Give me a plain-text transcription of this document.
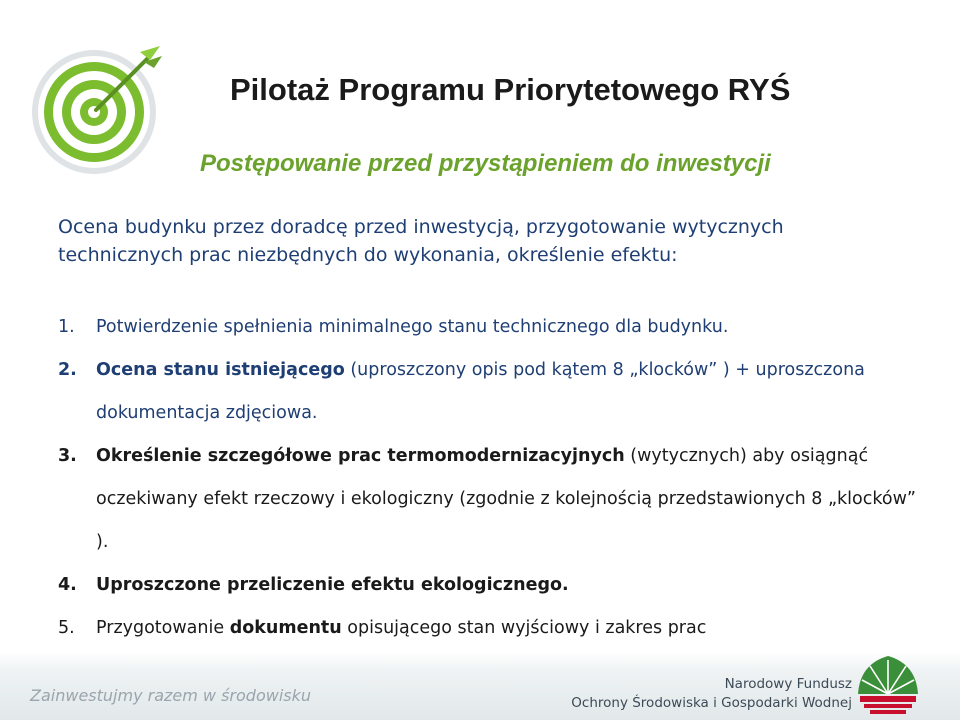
Pilotaż Programu Priorytetowego RYŚ
Postępowanie przed przystąpieniem do inwestycji

Ocena budynku przez doradcę przed inwestycją, przygotowanie wytycznych technicznych prac niezbędnych do wykonania, określenie efektu:

1. Potwierdzenie spełnienia minimalnego stanu technicznego dla budynku.
2. Ocena stanu istniejącego (uproszczony opis pod kątem 8 „klocków” ) + uproszczona dokumentacja zdjęciowa.
3. Określenie szczegółowe prac termomodernizacyjnych (wytycznych) aby osiągnąć oczekiwany efekt rzeczowy i ekologiczny (zgodnie z kolejnością przedstawionych 8 „klocków” ).
4. Uproszczone przeliczenie efektu ekologicznego.
5. Przygotowanie dokumentu opisującego stan wyjściowy i zakres prac

Zainwestujmy razem w środowisku

Narodowy Fundusz
Ochrony Środowiska i Gospodarki Wodnej
